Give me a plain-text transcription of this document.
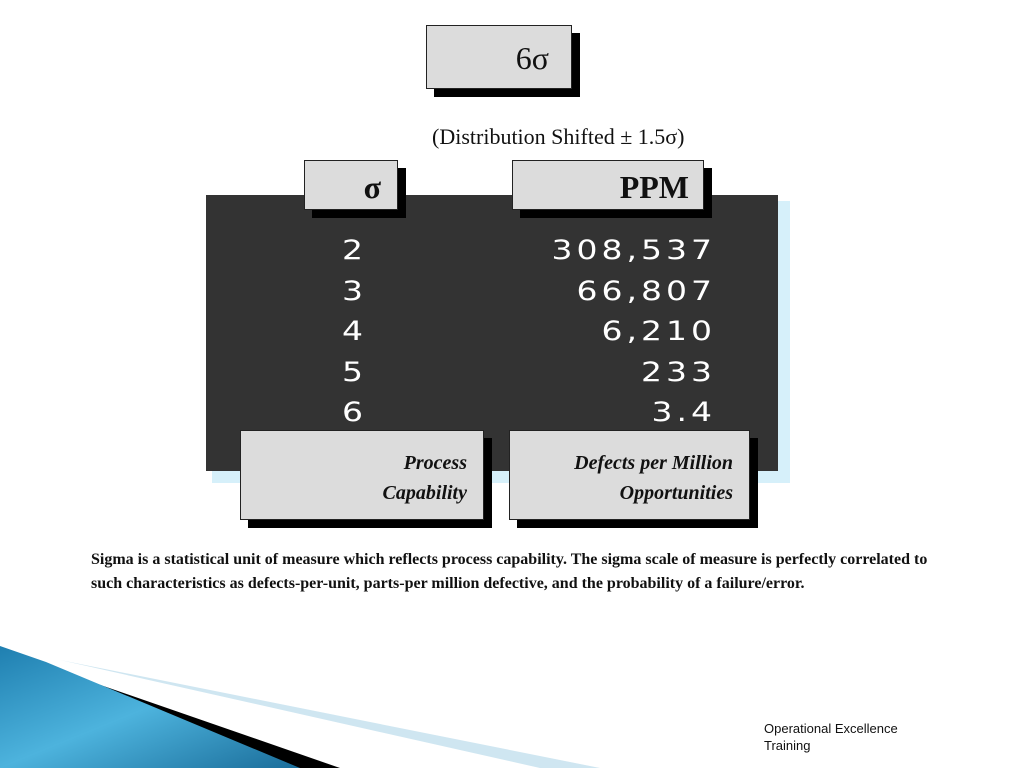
6σ
(Distribution Shifted ± 1.5σ)
σ	PPM
2	308,537
3	66,807
4	6,210
5	233
6	3.4
Process
Capability
Defects per Million
Opportunities
Sigma is a statistical unit of measure which reflects process capability. The sigma scale of measure is perfectly correlated to such characteristics as defects-per-unit, parts-per million defective, and the probability of a failure/error.
Operational Excellence
Training
